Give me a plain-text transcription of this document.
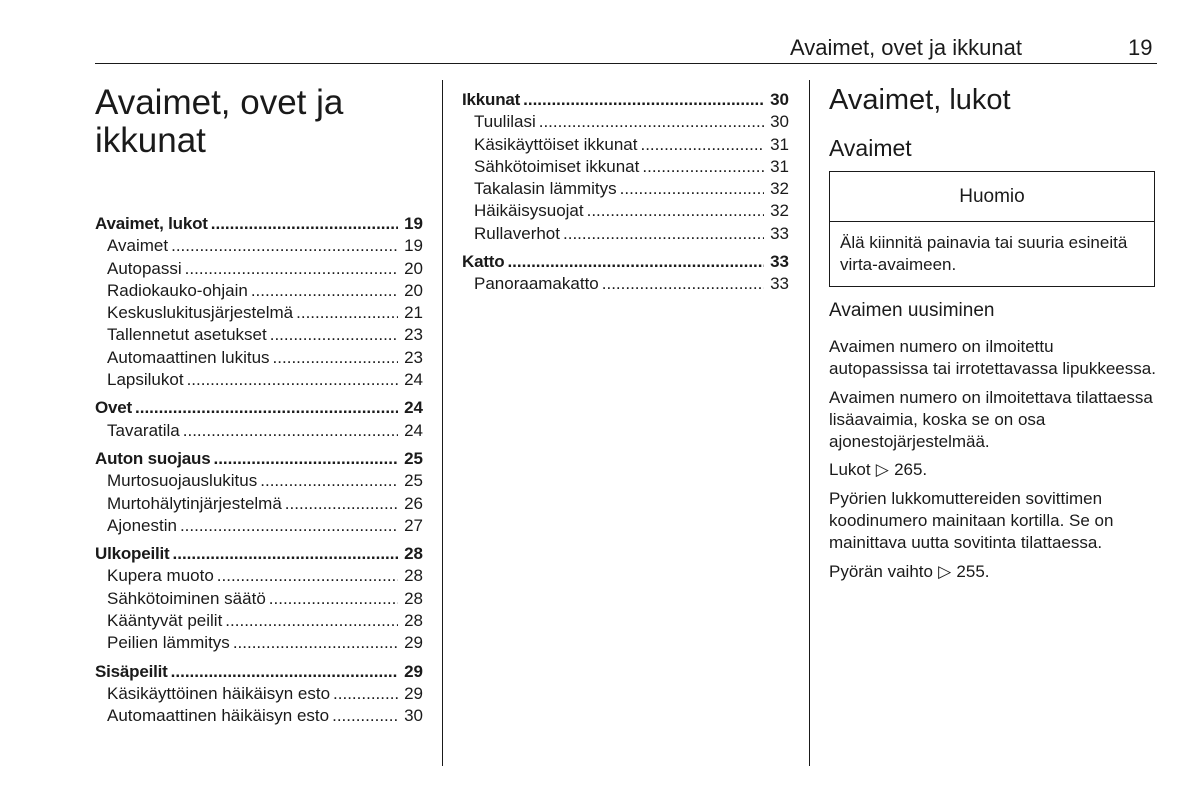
Avaimet, ovet ja ikkunat	19
Avaimet, ovet ja ikkunat
Avaimet, lukot .....	19
Avaimet .....	19
Autopassi .....	20
Radiokauko-ohjain .....	20
Keskuslukitusjärjestelmä .....	21
Tallennetut asetukset .....	23
Automaattinen lukitus .....	23
Lapsilukot .....	24
Ovet .....	24
Tavaratila .....	24
Auton suojaus .....	25
Murtosuojauslukitus .....	25
Murtohälytinjärjestelmä .....	26
Ajonestin .....	27
Ulkopeilit .....	28
Kupera muoto .....	28
Sähkötoiminen säätö .....	28
Kääntyvät peilit .....	28
Peilien lämmitys .....	29
Sisäpeilit .....	29
Käsikäyttöinen häikäisyn esto .....	29
Automaattinen häikäisyn esto .....	30
Ikkunat .....	30
Tuulilasi .....	30
Käsikäyttöiset ikkunat .....	31
Sähkötoimiset ikkunat .....	31
Takalasin lämmitys .....	32
Häikäisysuojat .....	32
Rullaverhot .....	33
Katto .....	33
Panoraamakatto .....	33
Avaimet, lukot
Avaimet
Huomio
Älä kiinnitä painavia tai suuria esineitä virta-avaimeen.
Avaimen uusiminen

Avaimen numero on ilmoitettu autopassissa tai irrotettavassa lipukkeessa.

Avaimen numero on ilmoitettava tilattaessa lisäavaimia, koska se on osa ajonestojärjestelmää.

Lukot ▷ 265.

Pyörien lukkomuttereiden sovittimen koodinumero mainitaan kortilla. Se on mainittava uutta sovitinta tilattaessa.

Pyörän vaihto ▷ 255.
